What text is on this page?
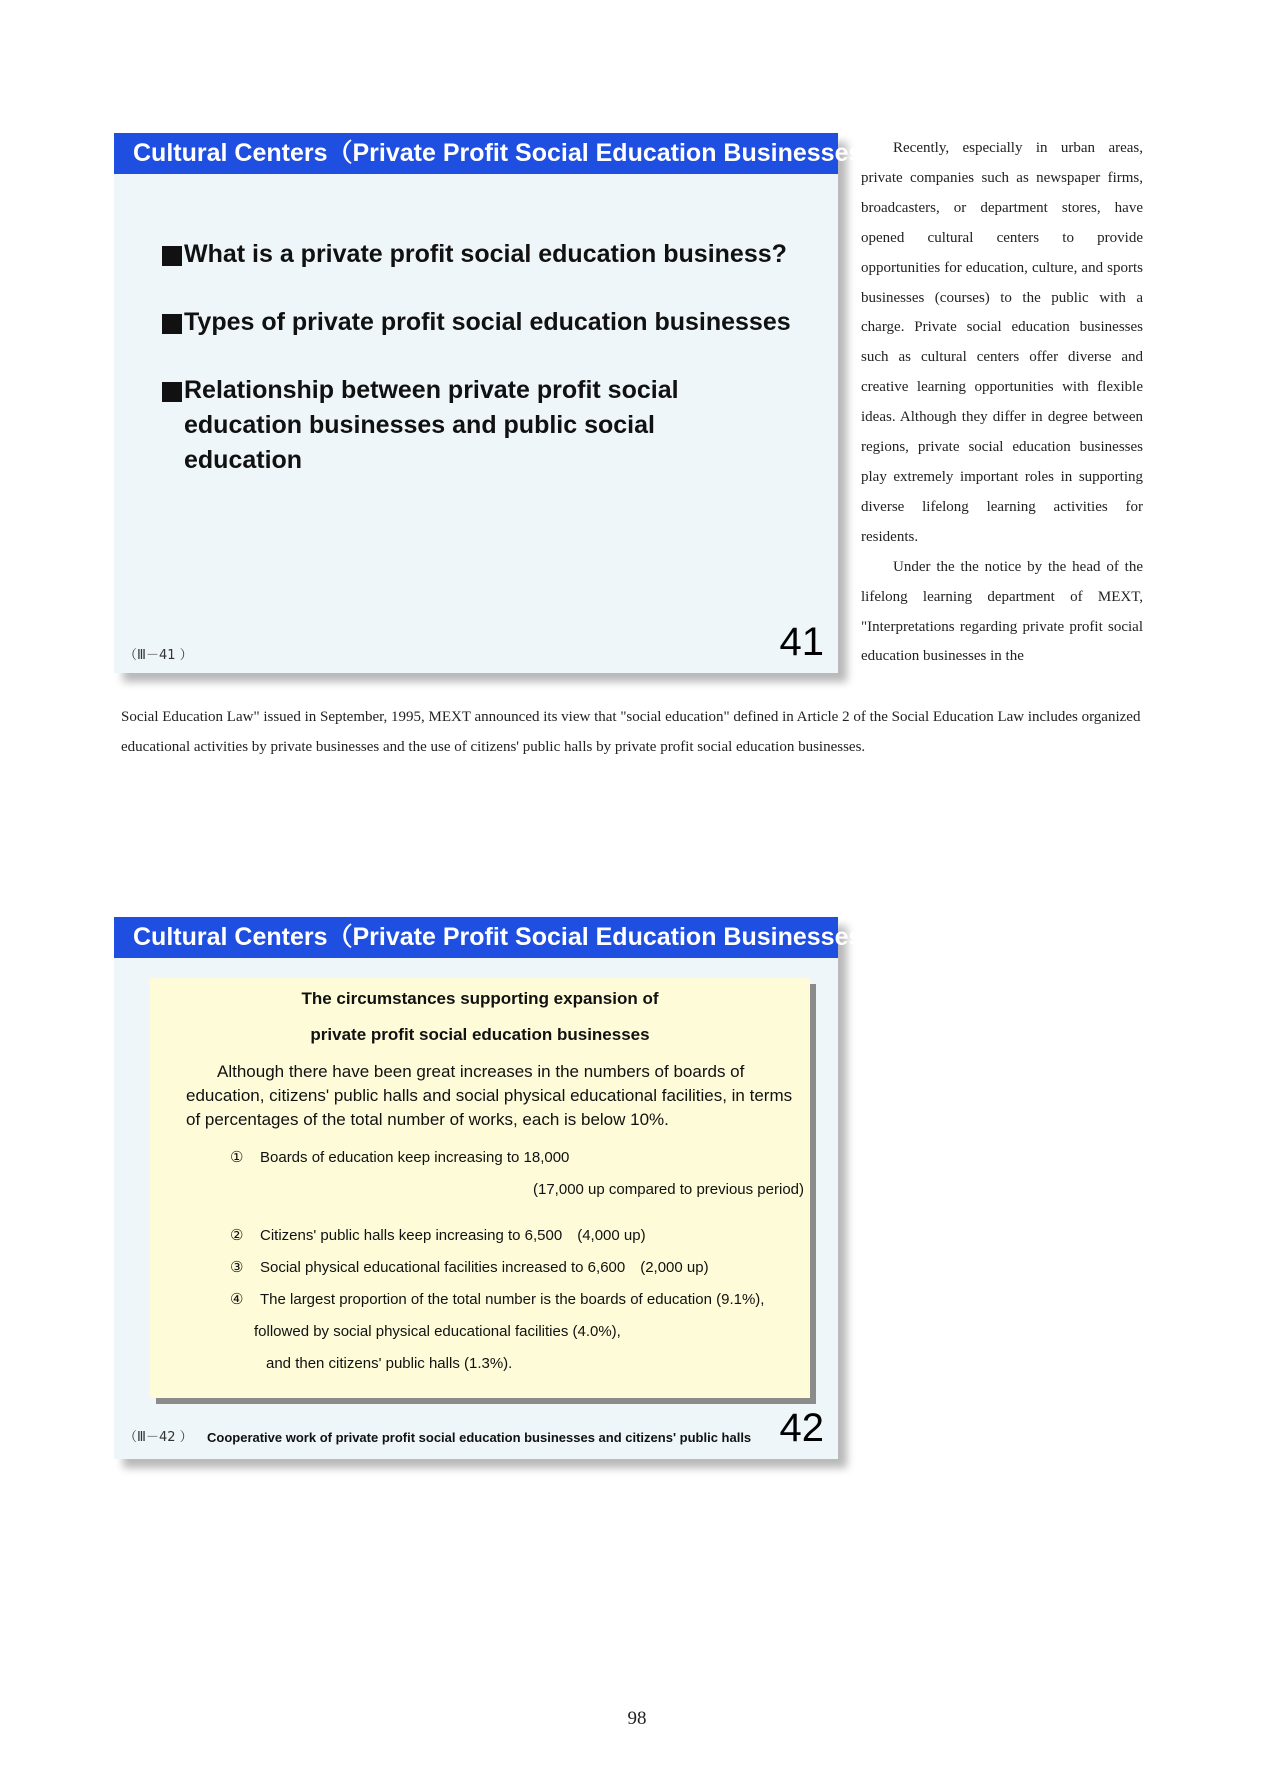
Cultural Centers（Private Profit Social Education Businesses）
What is a private profit social education business?
Types of private profit social education businesses
Relationship between private profit social education businesses and public social education
（Ⅲ－41 ）	41

Recently, especially in urban areas, private companies such as newspaper firms, broadcasters, or department stores, have opened cultural centers to provide opportunities for education, culture, and sports businesses (courses) to the public with a charge. Private social education businesses such as cultural centers offer diverse and creative learning opportunities with flexible ideas. Although they differ in degree between regions, private social education businesses play extremely important roles in supporting diverse lifelong learning activities for residents.

Under the the notice by the head of the lifelong learning department of MEXT, "Interpretations regarding private profit social education businesses in the

Social Education Law" issued in September, 1995, MEXT announced its view that "social education" defined in Article 2 of the Social Education Law includes organized educational activities by private businesses and the use of citizens' public halls by private profit social education businesses.

Cultural Centers（Private Profit Social Education Businesses）
The circumstances supporting expansion of
private profit social education businesses
Although there have been great increases in the numbers of boards of education, citizens' public halls and social physical educational facilities, in terms of percentages of the total number of works, each is below 10%.
① Boards of education keep increasing to 18,000
(17,000 up compared to previous period)
② Citizens' public halls keep increasing to 6,500　(4,000 up)
③ Social physical educational facilities increased to 6,600　(2,000 up)
④ The largest proportion of the total number is the boards of education (9.1%),
followed by social physical educational facilities (4.0%),
and then citizens' public halls (1.3%).
（Ⅲ－42 ） Cooperative work of private profit social education businesses and citizens' public halls 42
98
